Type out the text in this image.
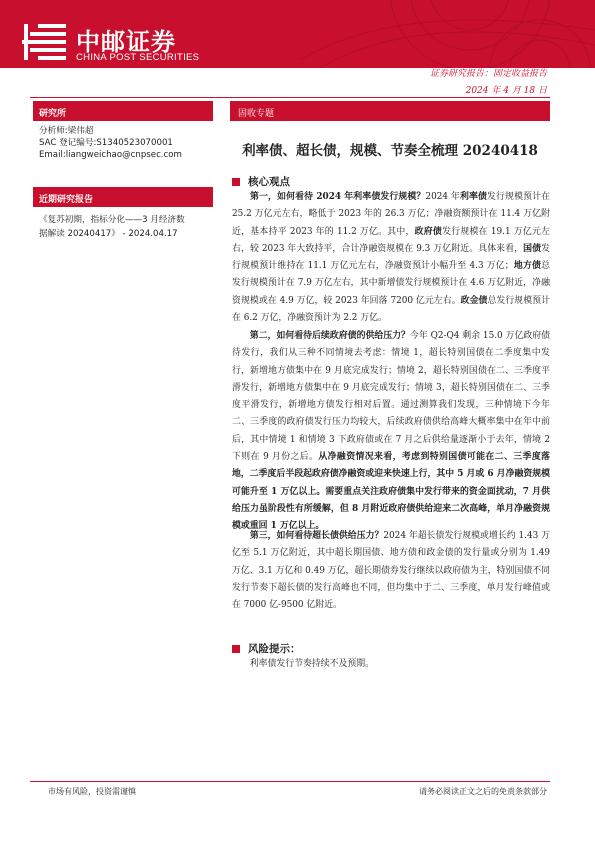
中邮证券
CHINA POST SECURITIES
证券研究报告：固定收益报告
2024 年 4 月 18 日
研究所
分析师:梁伟超
SAC 登记编号:S1340523070001
Email:liangweichao@cnpsec.com
近期研究报告
《复苏初期，指标分化——3 月经济数
据解读 20240417》 - 2024.04.17
固收专题
利率债、超长债，规模、节奏全梳理 20240418
核心观点
　　第一，如何看待 2024 年利率债发行规模？2024 年利率债发行规模预计在 25.2 万亿元左右，略低于 2023 年的 26.3 万亿；净融资额预计在 11.4 万亿附近，基本持平 2023 年的 11.2 万亿。其中，政府债发行规模在 19.1 万亿元左右，较 2023 年大致持平，合计净融资规模在 9.3 万亿附近。具体来看，国债发行规模预计维持在 11.1 万亿元左右，净融资预计小幅升至 4.3 万亿；地方债总发行规模预计在 7.9 万亿左右，其中新增债发行规模预计在 4.6 万亿附近，净融资规模或在 4.9 万亿，较 2023 年回落 7200 亿元左右。政金债总发行规模预计在 6.2 万亿，净融资预计为 2.2 万亿。
　　第二，如何看待后续政府债的供给压力？今年 Q2-Q4 剩余 15.0 万亿政府债待发行，我们从三种不同情境去考虑：情境 1，超长特别国债在二季度集中发行，新增地方债集中在 9 月底完成发行；情境 2，超长特别国债在二、三季度平滑发行，新增地方债集中在 9 月底完成发行；情境 3，超长特别国债在二、三季度平滑发行，新增地方债发行相对后置。通过测算我们发现，三种情境下今年二、三季度的政府债发行压力均较大，后续政府债供给高峰大概率集中在年中前后，其中情境 1 和情境 3 下政府债或在 7 月之后供给量逐渐小于去年，情境 2 下则在 9 月份之后。从净融资情况来看，考虑到特别国债可能在二、三季度落地，二季度后半段起政府债净融资或迎来快速上行，其中 5 月或 6 月净融资规模可能升至 1 万亿以上。需要重点关注政府债集中发行带来的资金面扰动，7 月供给压力虽阶段性有所缓解，但 8 月附近政府债供给迎来二次高峰，单月净融资规模或重回 1 万亿以上。
　　第三，如何看待超长债供给压力？2024 年超长债发行规模或增长约 1.43 万亿至 5.1 万亿附近，其中超长期国债、地方债和政金债的发行量或分别为 1.49 万亿、3.1 万亿和 0.49 万亿，超长期债券发行继续以政府债为主，特别国债不同发行节奏下超长债的发行高峰也不同，但均集中于二、三季度，单月发行峰值或在 7000 亿-9500 亿附近。
风险提示：
　　利率债发行节奏持续不及预期。
市场有风险，投资需谨慎	请务必阅读正文之后的免责条款部分
